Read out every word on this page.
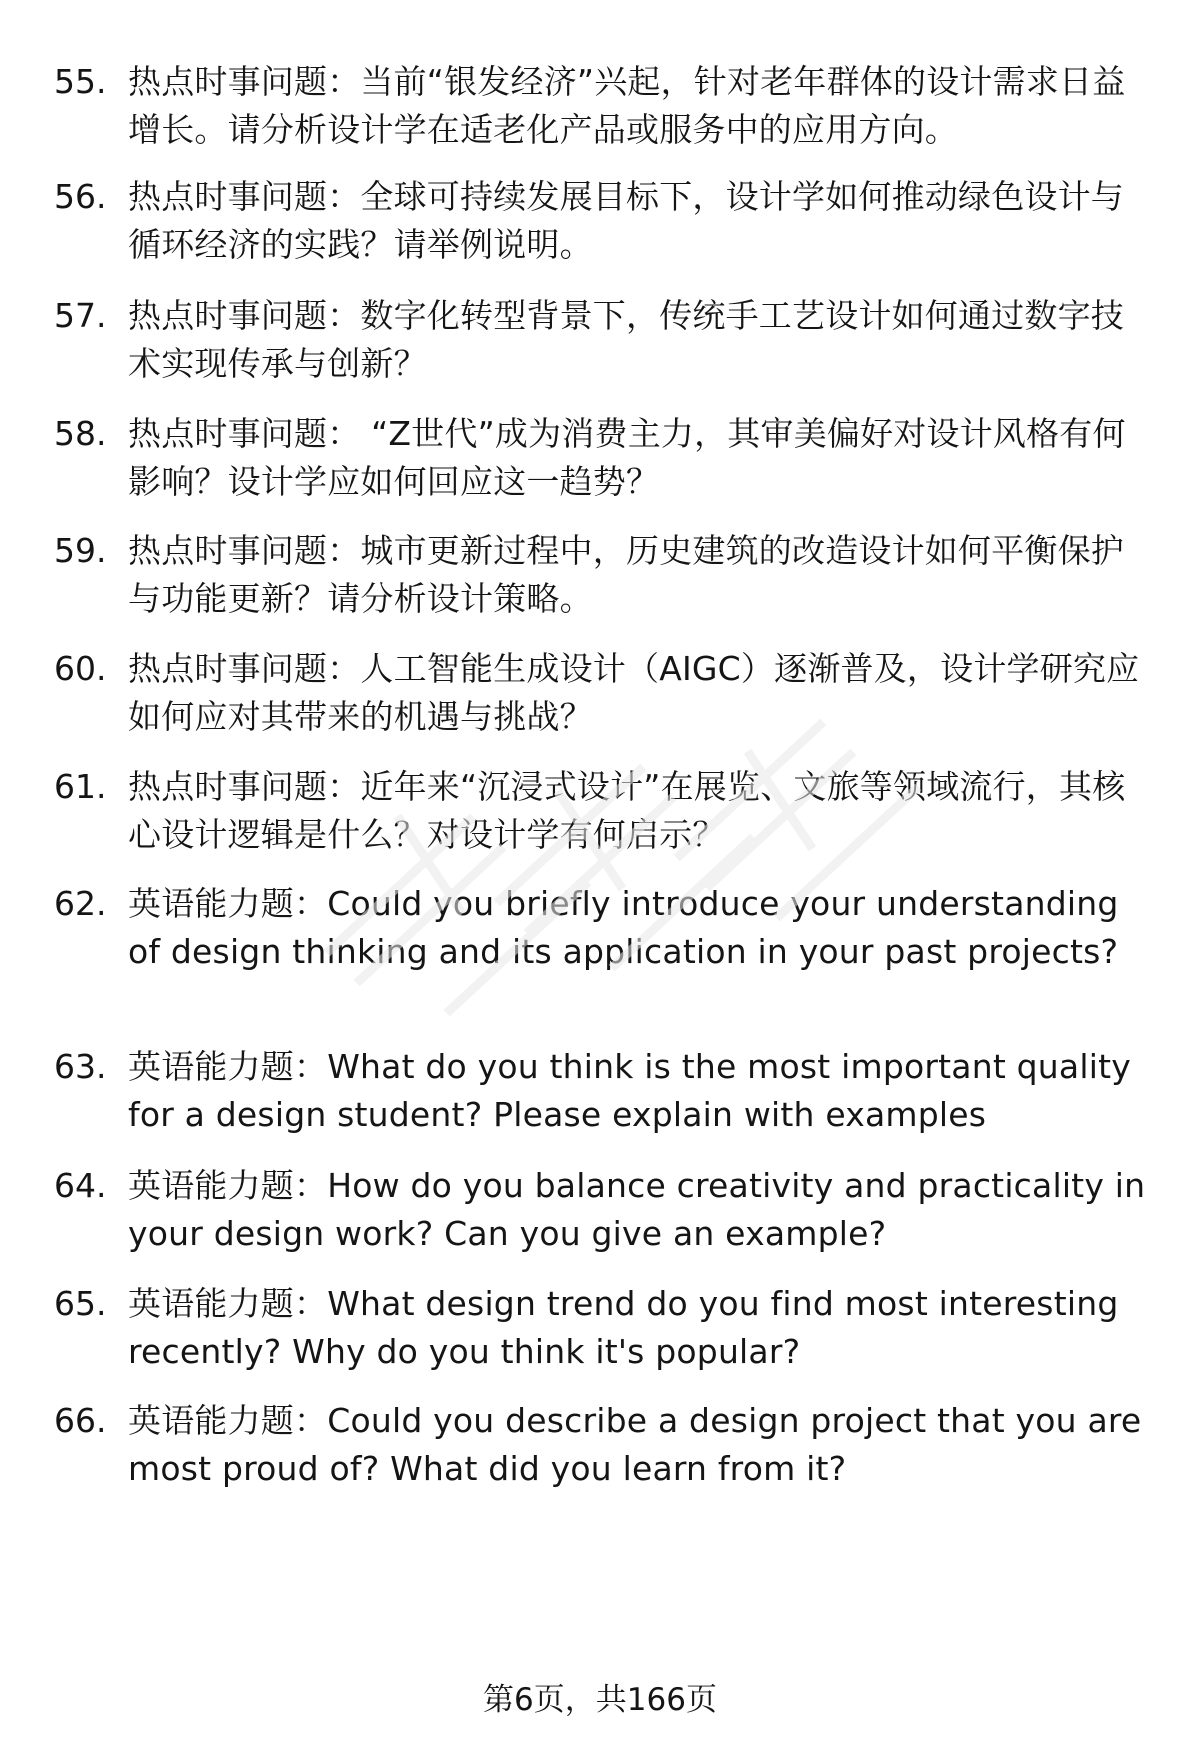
55. 热点时事问题：当前“银发经济”兴起，针对老年群体的设计需求日益增长。请分析设计学在适老化产品或服务中的应用方向。
56. 热点时事问题：全球可持续发展目标下，设计学如何推动绿色设计与循环经济的实践？请举例说明。
57. 热点时事问题：数字化转型背景下，传统手工艺设计如何通过数字技术实现传承与创新？
58. 热点时事问题： “Z世代”成为消费主力，其审美偏好对设计风格有何影响？设计学应如何回应这一趋势？
59. 热点时事问题：城市更新过程中，历史建筑的改造设计如何平衡保护与功能更新？请分析设计策略。
60. 热点时事问题：人工智能生成设计（AIGC）逐渐普及，设计学研究应如何应对其带来的机遇与挑战？
61. 热点时事问题：近年来“沉浸式设计”在展览、文旅等领域流行，其核心设计逻辑是什么？对设计学有何启示？
62. 英语能力题：Could you briefly introduce your understanding of design thinking and its application in your past projects?
63. 英语能力题：What do you think is the most important quality for a design student? Please explain with examples
64. 英语能力题：How do you balance creativity and practicality in your design work? Can you give an example?
65. 英语能力题：What design trend do you find most interesting recently? Why do you think it's popular?
66. 英语能力题：Could you describe a design project that you are most proud of? What did you learn from it?
第6页，共166页
